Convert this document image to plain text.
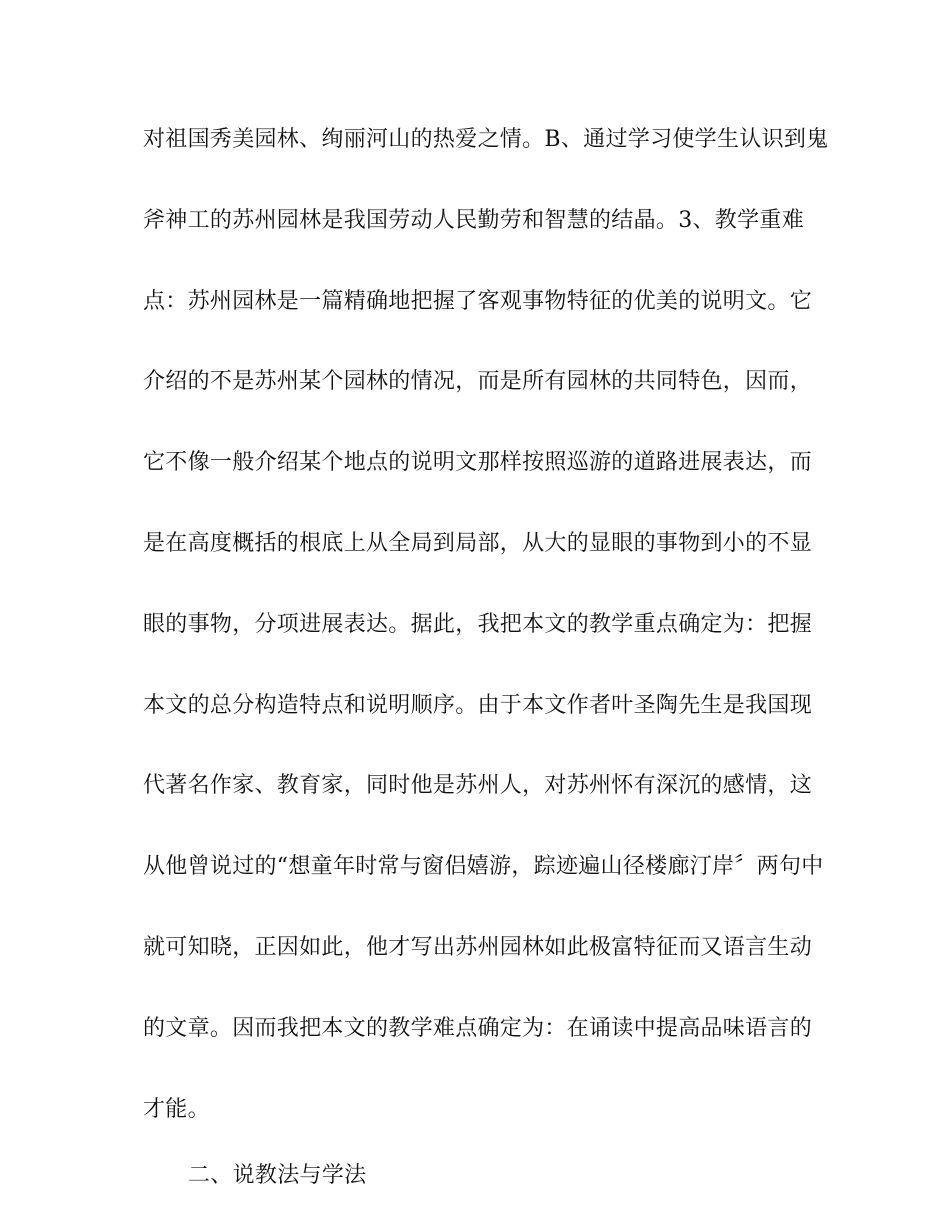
对祖国秀美园林、绚丽河山的热爱之情。B、通过学习使学生认识到鬼
斧神工的苏州园林是我国劳动人民勤劳和智慧的结晶。3、教学重难
点：苏州园林是一篇精确地把握了客观事物特征的优美的说明文。它
介绍的不是苏州某个园林的情况，而是所有园林的共同特色，因而，
它不像一般介绍某个地点的说明文那样按照巡游的道路进展表达，而
是在高度概括的根底上从全局到局部，从大的显眼的事物到小的不显
眼的事物，分项进展表达。据此，我把本文的教学重点确定为：把握
本文的总分构造特点和说明顺序。由于本文作者叶圣陶先生是我国现
代著名作家、教育家，同时他是苏州人，对苏州怀有深沉的感情，这
从他曾说过的“想童年时常与窗侣嬉游，踪迹遍山径楼廊汀岸〞两句中
就可知晓，正因如此，他才写出苏州园林如此极富特征而又语言生动
的文章。因而我把本文的教学难点确定为：在诵读中提高品味语言的
才能。
二、说教法与学法
